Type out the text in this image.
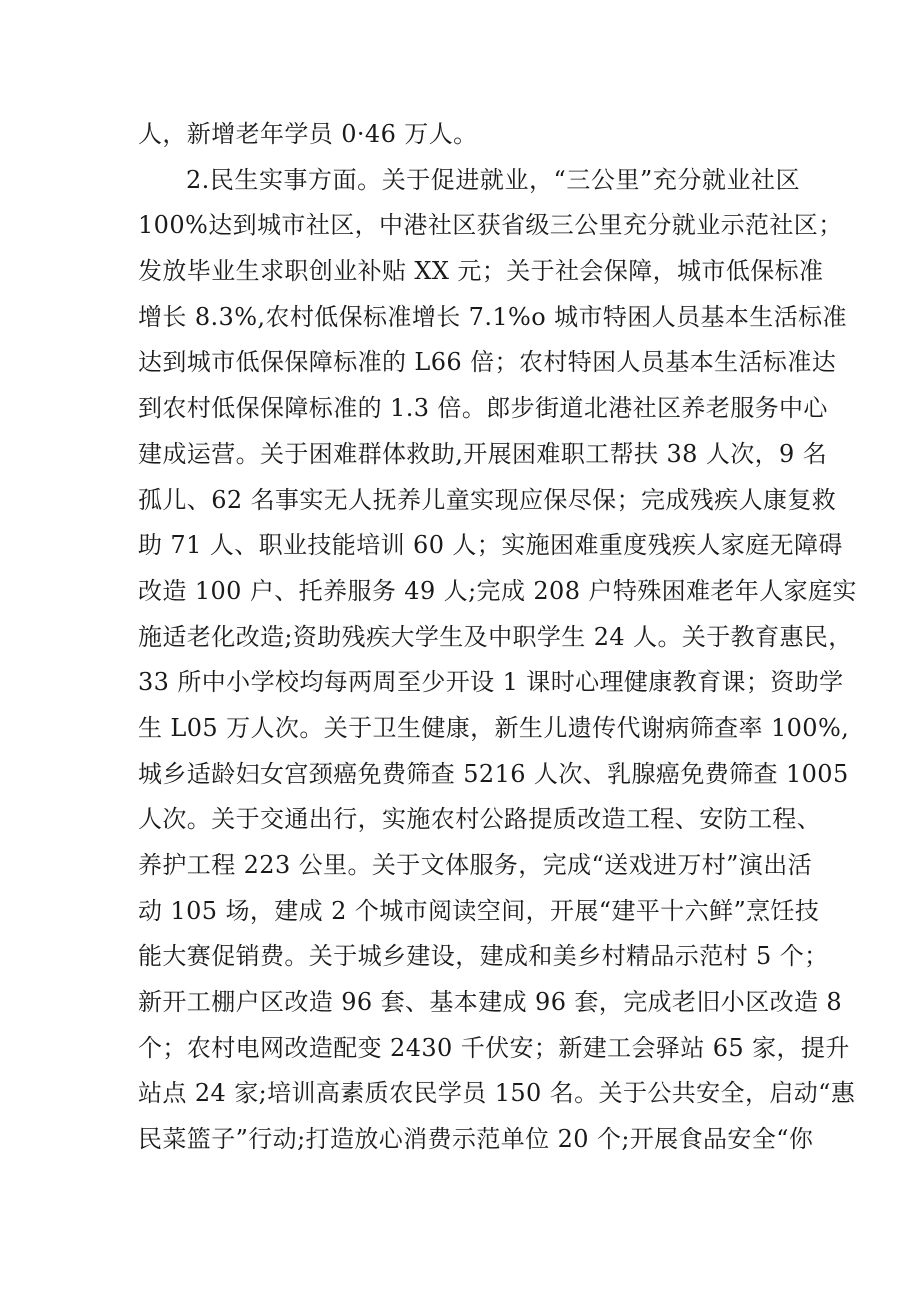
人，新增老年学员 0·46 万人。
2.民生实事方面。关于促进就业，“三公里”充分就业社区
100%达到城市社区，中港社区获省级三公里充分就业示范社区；
发放毕业生求职创业补贴 XX 元；关于社会保障，城市低保标准
增长 8.3%,农村低保标准增长 7.1%o 城市特困人员基本生活标准
达到城市低保保障标准的 L66 倍；农村特困人员基本生活标准达
到农村低保保障标准的 1.3 倍。郎步街道北港社区养老服务中心
建成运营。关于困难群体救助,开展困难职工帮扶 38 人次，9 名
孤儿、62 名事实无人抚养儿童实现应保尽保；完成残疾人康复救
助 71 人、职业技能培训 60 人；实施困难重度残疾人家庭无障碍
改造 100 户、托养服务 49 人;完成 208 户特殊困难老年人家庭实
施适老化改造;资助残疾大学生及中职学生 24 人。关于教育惠民，
33 所中小学校均每两周至少开设 1 课时心理健康教育课；资助学
生 L05 万人次。关于卫生健康，新生儿遗传代谢病筛查率 100%,
城乡适龄妇女宫颈癌免费筛查 5216 人次、乳腺癌免费筛查 1005
人次。关于交通出行，实施农村公路提质改造工程、安防工程、
养护工程 223 公里。关于文体服务，完成“送戏进万村”演出活
动 105 场，建成 2 个城市阅读空间，开展“建平十六鲜”烹饪技
能大赛促销费。关于城乡建设，建成和美乡村精品示范村 5 个；
新开工棚户区改造 96 套、基本建成 96 套，完成老旧小区改造 8
个；农村电网改造配变 2430 千伏安；新建工会驿站 65 家，提升
站点 24 家;培训高素质农民学员 150 名。关于公共安全，启动“惠
民菜篮子”行动;打造放心消费示范单位 20 个;开展食品安全“你
